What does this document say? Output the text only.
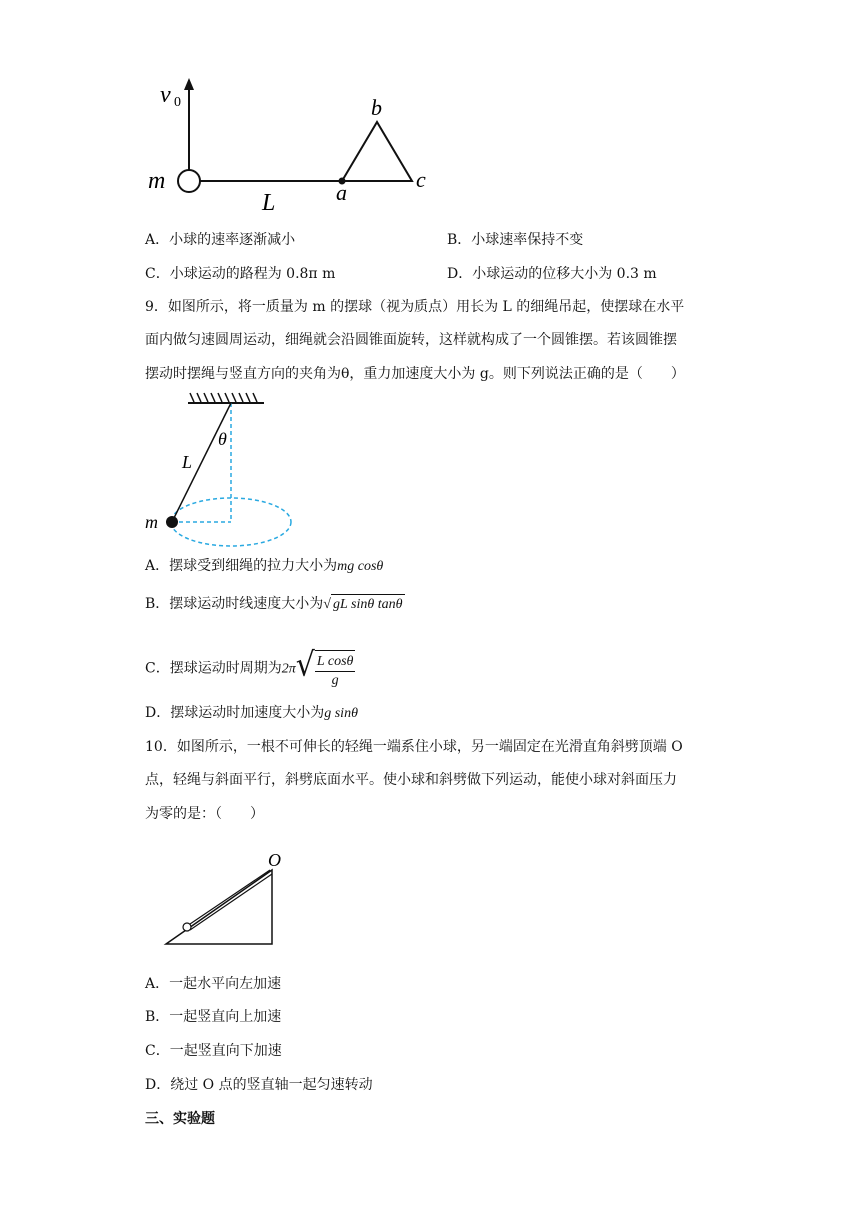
v 0
m
L	a
b
c
A．小球的速率逐渐减小	B．小球速率保持不变
C．小球运动的路程为 0.8π m	D．小球运动的位移大小为 0.3 m
9．如图所示，将一质量为 m 的摆球（视为质点）用长为 L 的细绳吊起，使摆球在水平
面内做匀速圆周运动，细绳就会沿圆锥面旋转，这样就构成了一个圆锥摆。若该圆锥摆
摆动时摆绳与竖直方向的夹角为θ，重力加速度大小为 g。则下列说法正确的是（　　）
θ
L
m
A．摆球受到细绳的拉力大小为mg cosθ
B．摆球运动时线速度大小为√ gL sinθ tanθ
C．摆球运动时周期为2π √ $\frac{\text{L cosθ}}{g}$
D．摆球运动时加速度大小为g sinθ
10．如图所示，一根不可伸长的轻绳一端系住小球，另一端固定在光滑直角斜劈顶端 O
点，轻绳与斜面平行，斜劈底面水平。使小球和斜劈做下列运动，能使小球对斜面压力
为零的是：（　　）
O
A．一起水平向左加速
B．一起竖直向上加速
C．一起竖直向下加速
D．绕过 O 点的竖直轴一起匀速转动
三、实验题
